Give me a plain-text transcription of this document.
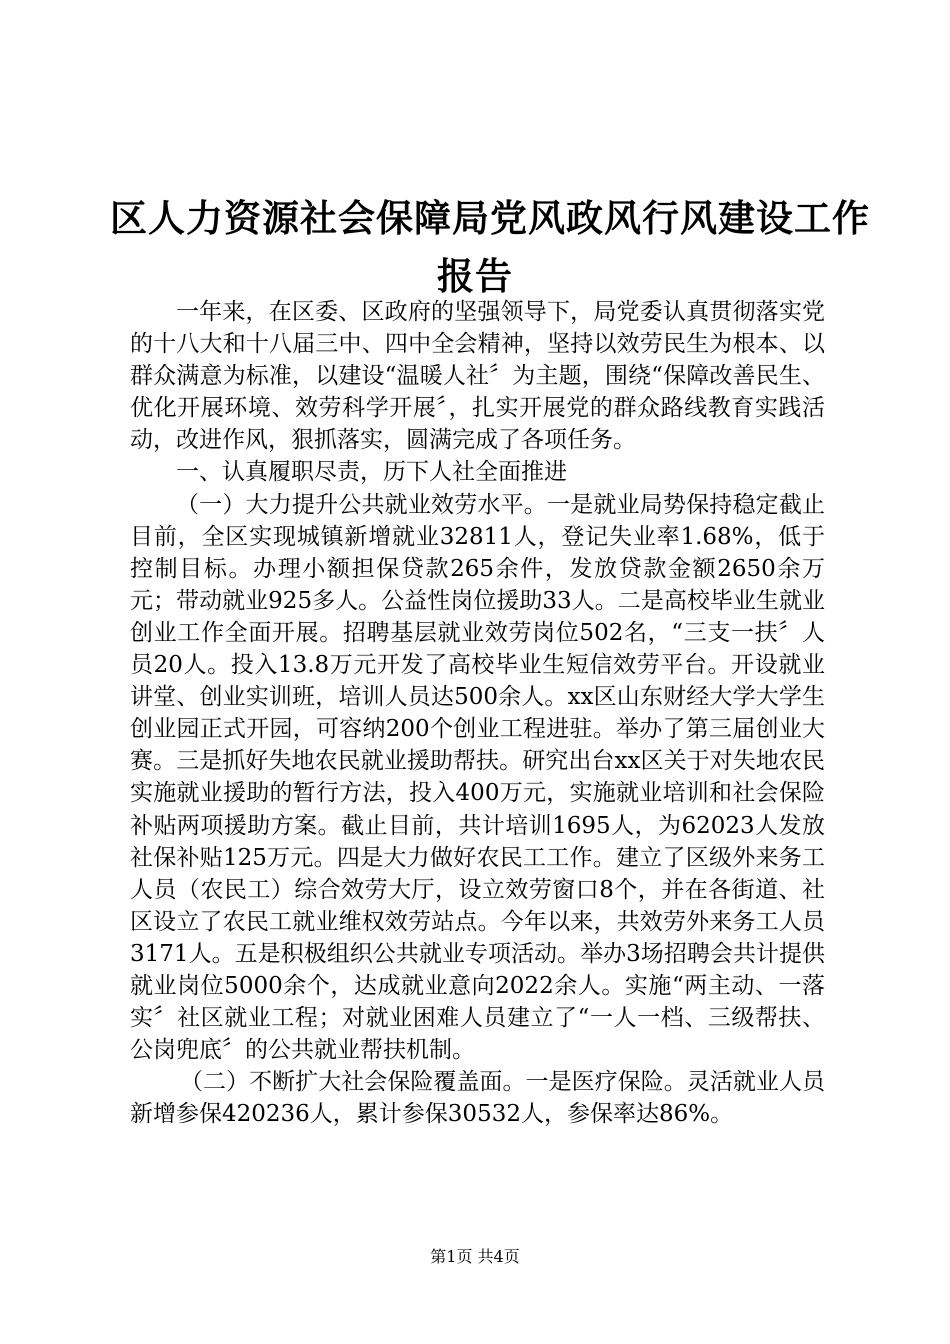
区人力资源社会保障局党风政风行风建设工作
报告

一年来，在区委、区政府的坚强领导下，局党委认真贯彻落实党的十八大和十八届三中、四中全会精神，坚持以效劳民生为根本、以群众满意为标准，以建设“温暖人社〞为主题，围绕“保障改善民生、优化开展环境、效劳科学开展〞，扎实开展党的群众路线教育实践活动，改进作风，狠抓落实，圆满完成了各项任务。

一、认真履职尽责，历下人社全面推进

（一）大力提升公共就业效劳水平。一是就业局势保持稳定截止目前，全区实现城镇新增就业32811人，登记失业率1.68%，低于控制目标。办理小额担保贷款265余件，发放贷款金额2650余万元；带动就业925多人。公益性岗位援助33人。二是高校毕业生就业创业工作全面开展。招聘基层就业效劳岗位502名，“三支一扶〞人员20人。投入13.8万元开发了高校毕业生短信效劳平台。开设就业讲堂、创业实训班，培训人员达500余人。xx区山东财经大学大学生创业园正式开园，可容纳200个创业工程进驻。举办了第三届创业大赛。三是抓好失地农民就业援助帮扶。研究出台xx区关于对失地农民实施就业援助的暂行方法，投入400万元，实施就业培训和社会保险补贴两项援助方案。截止目前，共计培训1695人，为62023人发放社保补贴125万元。四是大力做好农民工工作。建立了区级外来务工人员（农民工）综合效劳大厅，设立效劳窗口8个，并在各街道、社区设立了农民工就业维权效劳站点。今年以来，共效劳外来务工人员3171人。五是积极组织公共就业专项活动。举办3场招聘会共计提供就业岗位5000余个，达成就业意向2022余人。实施“两主动、一落实〞社区就业工程；对就业困难人员建立了“一人一档、三级帮扶、公岗兜底〞的公共就业帮扶机制。

（二）不断扩大社会保险覆盖面。一是医疗保险。灵活就业人员新增参保420236人，累计参保30532人，参保率达86%。

第1页 共4页
